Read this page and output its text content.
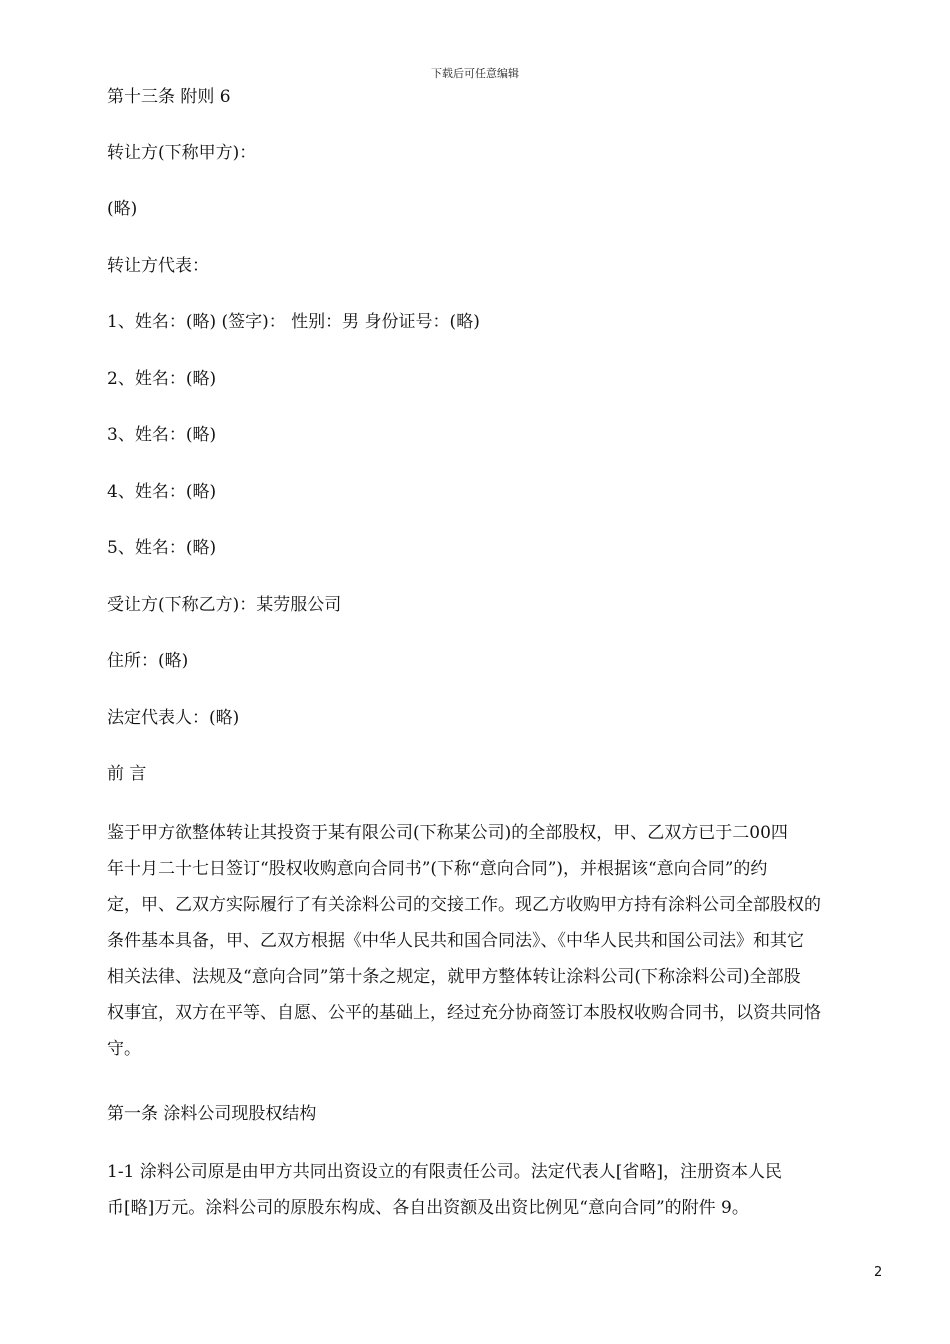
下载后可任意编辑
第十三条 附则 6
转让方(下称甲方)：
(略)
转让方代表：
1、姓名：(略) (签字)： 性别：男 身份证号：(略)
2、姓名：(略)
3、姓名：(略)
4、姓名：(略)
5、姓名：(略)
受让方(下称乙方)：某劳服公司
住所：(略)
法定代表人：(略)
前 言
鉴于甲方欲整体转让其投资于某有限公司(下称某公司)的全部股权，甲、乙双方已于二00四
年十月二十七日签订“股权收购意向合同书”(下称“意向合同”)，并根据该“意向合同”的约
定，甲、乙双方实际履行了有关涂料公司的交接工作。现乙方收购甲方持有涂料公司全部股权的
条件基本具备，甲、乙双方根据《中华人民共和国合同法》、《中华人民共和国公司法》和其它
相关法律、法规及“意向合同”第十条之规定，就甲方整体转让涂料公司(下称涂料公司)全部股
权事宜，双方在平等、自愿、公平的基础上，经过充分协商签订本股权收购合同书，以资共同恪
守。
第一条 涂料公司现股权结构
1-1 涂料公司原是由甲方共同出资设立的有限责任公司。法定代表人[省略]，注册资本人民
币[略]万元。涂料公司的原股东构成、各自出资额及出资比例见“意向合同”的附件 9。
2
